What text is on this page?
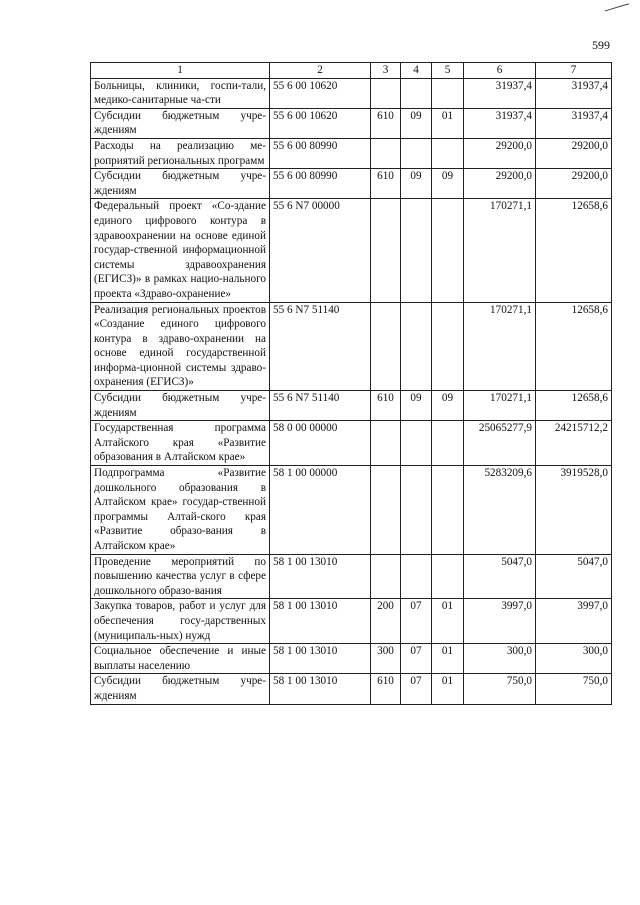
599
1	2	3	4	5	6	7
Больницы, клиники, госпи-тали, медико-санитарные ча-сти	55 6 00 10620				31937,4	31937,4
Субсидии бюджетным учре-ждениям	55 6 00 10620	610	09	01	31937,4	31937,4
Расходы на реализацию ме-роприятий региональных программ	55 6 00 80990				29200,0	29200,0
Субсидии бюджетным учре-ждениям	55 6 00 80990	610	09	09	29200,0	29200,0
Федеральный проект «Со-здание единого цифрового контура в здравоохранении на основе единой государ-ственной информационной системы здравоохранения (ЕГИСЗ)» в рамках нацио-нального проекта «Здраво-охранение»	55 6 N7 00000				170271,1	12658,6
Реализация региональных проектов «Создание единого цифрового контура в здраво-охранении на основе единой государственной информа-ционной системы здраво-охранения (ЕГИСЗ)»	55 6 N7 51140				170271,1	12658,6
Субсидии бюджетным учре-ждениям	55 6 N7 51140	610	09	09	170271,1	12658,6
Государственная программа Алтайского края «Развитие образования в Алтайском крае»	58 0 00 00000				25065277,9	24215712,2
Подпрограмма «Развитие дошкольного образования в Алтайском крае» государ-ственной программы Алтай-ского края «Развитие образо-вания в Алтайском крае»	58 1 00 00000				5283209,6	3919528,0
Проведение мероприятий по повышению качества услуг в сфере дошкольного образо-вания	58 1 00 13010				5047,0	5047,0
Закупка товаров, работ и услуг для обеспечения госу-дарственных (муниципаль-ных) нужд	58 1 00 13010	200	07	01	3997,0	3997,0
Социальное обеспечение и иные выплаты населению	58 1 00 13010	300	07	01	300,0	300,0
Субсидии бюджетным учре-ждениям	58 1 00 13010	610	07	01	750,0	750,0
